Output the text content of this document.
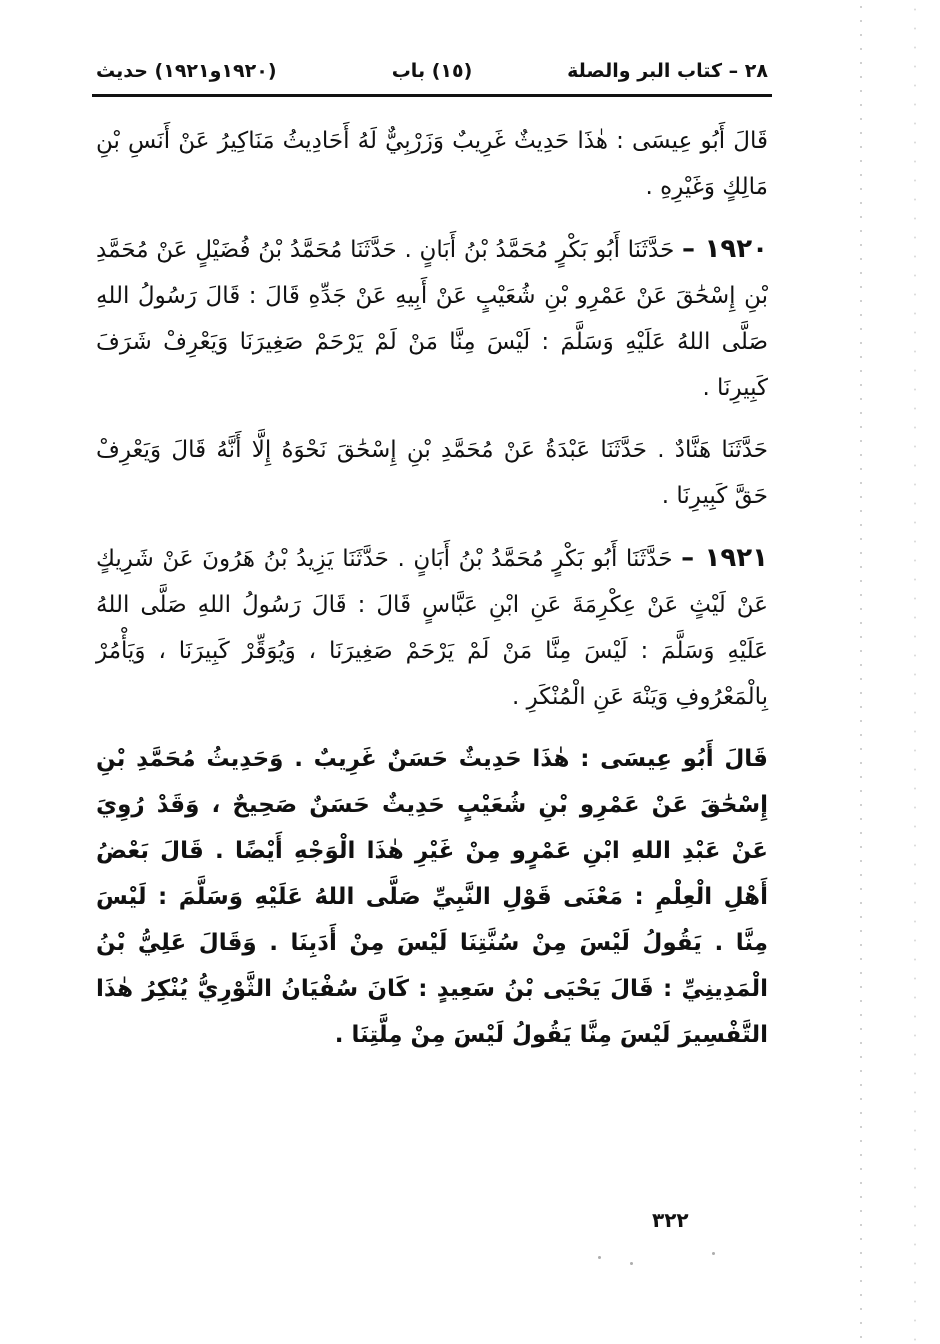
٢٨ – كتاب البر والصلة
(١٥) باب
(١٩٢٠و١٩٢١) حديث

قَالَ أَبُو عِيسَى : هٰذَا حَدِيثٌ غَرِيبٌ وَزَرْبِيٌّ لَهُ أَحَادِيثُ مَنَاكِيرُ عَنْ أَنَسِ بْنِ مَالِكٍ وَغَيْرِهِ .

١٩٢٠ – حَدَّثَنَا أَبُو بَكْرٍ مُحَمَّدُ بْنُ أَبَانٍ . حَدَّثَنَا مُحَمَّدُ بْنُ فُضَيْلٍ عَنْ مُحَمَّدِ بْنِ إِسْحَٰقَ عَنْ عَمْرِو بْنِ شُعَيْبٍ عَنْ أَبِيهِ عَنْ جَدِّهِ قَالَ : قَالَ رَسُولُ اللهِ صَلَّى اللهُ عَلَيْهِ وَسَلَّمَ : لَيْسَ مِنَّا مَنْ لَمْ يَرْحَمْ صَغِيرَنَا وَيَعْرِفْ شَرَفَ كَبِيرِنَا .

حَدَّثَنَا هَنَّادٌ . حَدَّثَنَا عَبْدَةُ عَنْ مُحَمَّدِ بْنِ إِسْحَٰقَ نَحْوَهُ إِلَّا أَنَّهُ قَالَ وَيَعْرِفْ حَقَّ كَبِيرِنَا .

١٩٢١ – حَدَّثَنَا أَبُو بَكْرٍ مُحَمَّدُ بْنُ أَبَانٍ . حَدَّثَنَا يَزِيدُ بْنُ هَرُونَ عَنْ شَرِيكٍ عَنْ لَيْثٍ عَنْ عِكْرِمَةَ عَنِ ابْنِ عَبَّاسٍ قَالَ : قَالَ رَسُولُ اللهِ صَلَّى اللهُ عَلَيْهِ وَسَلَّمَ : لَيْسَ مِنَّا مَنْ لَمْ يَرْحَمْ صَغِيرَنَا ، وَيُوَقِّرْ كَبِيرَنَا ، وَيَأْمُرْ بِالْمَعْرُوفِ وَيَنْهَ عَنِ الْمُنْكَرِ .

قَالَ أَبُو عِيسَى : هٰذَا حَدِيثٌ حَسَنٌ غَرِيبٌ . وَحَدِيثُ مُحَمَّدِ بْنِ إِسْحَٰقَ عَنْ عَمْرِو بْنِ شُعَيْبٍ حَدِيثٌ حَسَنٌ صَحِيحٌ ، وَقَدْ رُوِيَ عَنْ عَبْدِ اللهِ ابْنِ عَمْرٍو مِنْ غَيْرِ هٰذَا الْوَجْهِ أَيْضًا . قَالَ بَعْضُ أَهْلِ الْعِلْمِ : مَعْنَى قَوْلِ النَّبِيِّ صَلَّى اللهُ عَلَيْهِ وَسَلَّمَ : لَيْسَ مِنَّا . يَقُولُ لَيْسَ مِنْ سُنَّتِنَا لَيْسَ مِنْ أَدَبِنَا . وَقَالَ عَلِيُّ بْنُ الْمَدِينِيِّ : قَالَ يَحْيَى بْنُ سَعِيدٍ : كَانَ سُفْيَانُ الثَّوْرِيُّ يُنْكِرُ هٰذَا التَّفْسِيرَ لَيْسَ مِنَّا يَقُولُ لَيْسَ مِنْ مِلَّتِنَا .

٣٢٢
